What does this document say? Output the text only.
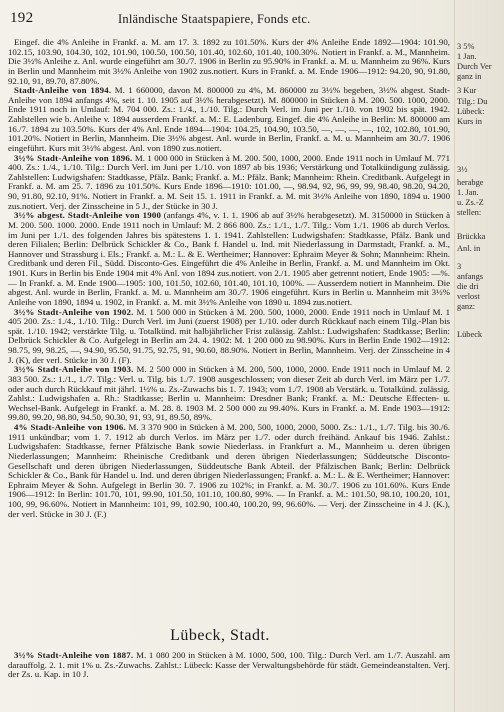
192	Inländische Staatspapiere, Fonds etc.

Eingef. die 4% Anleihe in Frankf. a. M. am 17. 3. 1892 zu 101.50%. Kurs der 4% Anleihe Ende 1892—1904: 101.90, 102.15, 103.90, 104.30, 102, 101.90, 100.50, 100.50, 101.40, 102.60, 101.40, 100.30%. Notiert in Frankf. a. M., Mannheim. Die 3½% Anleihe z. Anl. wurde eingeführt am 30./7. 1906 in Berlin zu 95.90% in Frankf. a. M. u. Mannheim zu 96%. Kurs in Berlin und Mannheim mit 3½% Anleihe von 1902 zus.notiert. Kurs in Frankf. a. M. Ende 1906—1912: 94.20, 90, 91.80, 92.10, 91, 89.70, 87.80%.

Stadt-Anleihe von 1894. M. 1 660000, davon M. 800000 zu 4%, M. 860000 zu 3½% begeben, 3½% abgest. Stadt-Anleihe von 1894 anfangs 4%, seit 1. 10. 1905 auf 3½% herabgesetzt). M. 800000 in Stücken à M. 200. 500. 1000, 2000. Ende 1911 noch in Umlauf: M. 704 000. Zs.: 1./4., 1./10. Tilg.: Durch Verl. im Juni per 1./10. von 1902 bis spät. 1942. Zahlstellen wie b. Anleihe v. 1894 ausserdem Frankf. a. M.: E. Ladenburg. Eingef. die 4% Anleihe in Berlin: M. 800000 am 16./7. 1894 zu 103.50%. Kurs der 4% Anl. Ende 1894—1904: 104.25, 104.90, 103.50, —, —, —, —, 102, 102.80, 101.90, 101.20%. Notiert in Berlin, Mannheim. Die 3½% abgest. Anl. wurde in Berlin, Frankf. a. M. u. Mannheim am 30./7. 1906 eingeführt. Kurs mit 3½% abgest. Anl. von 1890 zus.notiert.

3½% Stadt-Anleihe von 1896. M. 1 000 000 in Stücken à M. 200. 500, 1000, 2000. Ende 1911 noch in Umlauf M. 771 400. Zs.: 1./4., 1./10. Tilg.: Durch Verl. im Juni per 1./10. von 1897 ab bis 1936; Verstärkung und Totalkündigung zulässig. Zahlstellen: Ludwigshafen: Stadtkasse, Pfälz. Bank; Frankf. a. M.: Pfälz. Bank; Mannheim: Rhein. Creditbank. Aufgelegt in Frankf. a. M. am 25. 7. 1896 zu 101.50%. Kurs Ende 1896—1910: 101.00, —, 98.94, 92, 96, 99, 99, 98.40, 98.20, 94.20, 90, 91.80, 92.10, 91%. Notiert in Frankf. a. M. Seit 15. 1. 1911 in Frankf. a. M. mit 3½% Anleihe von 1890, 1894 u. 1900 zus.notiert. Verj. der Zinsscheine in 5 J., der Stücke in 30 J.

3½% abgest. Stadt-Anleihe von 1900 (anfangs 4%, v. 1. 1. 1906 ab auf 3½% herabgesetzt). M. 3150000 in Stücken à M. 200. 500. 1000. 2000. Ende 1911 noch in Umlauf: M. 2 866 800. Zs.: 1./1., 1./7. Tilg.: Vom 1./1. 1906 ab durch Verlos. im Juni per 1./1. des folgenden Jahres bis spätestens 1. 1. 1941. Zahlstellen: Ludwigshafen: Stadtkasse, Pfälz. Bank und deren Filialen; Berlin: Delbrück Schickler & Co., Bank f. Handel u. Ind. mit Niederlassung in Darmstadt, Frankf. a. M., Hannover und Strassburg i. Els.; Frankf. a. M.: L. & E. Wertheimer; Hannover: Ephraim Meyer & Sohn; Mannheim: Rhein. Creditbank und deren Fil., Südd. Disconto-Ges. Eingeführt die 4% Anleihe in Berlin, Frankf. a. M. und Mannheim im Okt. 1901. Kurs in Berlin bis Ende 1904 mit 4% Anl. von 1894 zus.notiert. von 2./1. 1905 aber getrennt notiert, Ende 1905: —%. — In Frankf. a. M. Ende 1900—1905: 100, 101.50, 102.60, 101.40, 101.10, 100%. — Ausserdem notiert in Mannheim. Die abgest. Anl. wurde in Berlin, Frankf. a. M. u. Mannheim am 30./7. 1906 eingeführt. Kurs in Berlin u. Mannheim mit 3½% Anleihe von 1890, 1894 u. 1902, in Frankf. a. M. mit 3½% Anleihe von 1890 u. 1894 zus.notiert.

3½% Stadt-Anleihe von 1902. M. 1 500 000 in Stücken à M. 200. 500, 1000, 2000. Ende 1911 noch in Umlauf M. 1 405 200. Zs.: 1./4., 1./10. Tilg.: Durch Verl. im Juni (zuerst 1908) per 1./10. oder durch Rückkauf nach einem Tilg.-Plan bis spät. 1./10. 1942; verstärkte Tilg. u. Totalkünd. mit halbjährlicher Frist zulässig. Zahlst.: Ludwigshafen: Stadtkasse; Berlin: Delbrück Schickler & Co. Aufgelegt in Berlin am 24. 4. 1902: M. 1 200 000 zu 98.90%. Kurs in Berlin Ende 1902—1912: 98.75, 99, 98.25, —, 94.90, 95.50, 91.75, 92.75, 91, 90.60, 88.90%. Notiert in Berlin, Mannheim. Verj. der Zinsscheine in 4 J. (K), der verl. Stücke in 30 J. (F).

3½% Stadt-Anleihe von 1903. M. 2 500 000 in Stücken à M. 200, 500, 1000, 2000. Ende 1911 noch in Umlauf M. 2 383 500. Zs.: 1./1., 1./7. Tilg.: Verl. u. Tilg. bis 1./7. 1908 ausgeschlossen; von dieser Zeit ab durch Verl. im März per 1./7. oder auch durch Rückkauf mit jährl. 1½% u. Zs.-Zuwachs bis 1. 7. 1943; vom 1./7. 1908 ab Verstärk. u. Totalkünd. zulässig. Zahlst.: Ludwigshafen a. Rh.: Stadtkasse; Berlin u. Mannheim: Dresdner Bank; Frankf. a. M.: Deutsche Effecten- u. Wechsel-Bank. Aufgelegt in Frankf. a. M. 28. 8. 1903 M. 2 500 000 zu 99.40%. Kurs in Frankf. a. M. Ende 1903—1912: 99.80, 99.20, 98.80, 94.50, 90.30, 91, 93, 91, 89.50, 89%.

4% Stadt-Anleihe von 1906. M. 3 370 900 in Stücken à M. 200, 500, 1000, 2000, 5000. Zs.: 1./1., 1./7. Tilg. bis 30./6. 1911 unkündbar; vom 1. 7. 1912 ab durch Verlos. im März per 1./7. oder durch freihänd. Ankauf bis 1946. Zahlst.: Ludwigshafen: Stadtkasse, ferner Pfälzische Bank sowie Niederlass. in Frankfurt a. M., Mannheim u. deren übrigen Niederlassungen; Mannheim: Rheinische Creditbank und deren übrigen Niederlassungen; Süddeutsche Disconto-Gesellschaft und deren übrigen Niederlassungen, Süddeutsche Bank Abteil. der Pfälzischen Bank; Berlin: Delbrück Schickler & Co., Bank für Handel u. Ind. und deren übrigen Niederlassungen; Frankf. a. M.: L. & E. Wertheimer; Hannover: Ephraim Meyer & Sohn. Aufgelegt in Berlin 30. 7. 1906 zu 102%; in Frankf. a. M. 30./7. 1906 zu 101.60%. Kurs Ende 1906—1912: In Berlin: 101.70, 101, 99.90, 101.50, 101.10, 100.80, 99%. — In Frankf. a. M.: 101.50, 98.10, 100.20, 101, 100, 99, 96.60%. Notiert in Mannheim: 101, 99, 102.90, 100.40, 100.20, 99, 96.60%. — Verj. der Zinsscheine in 4 J. (K.), der verl. Stücke in 30 J. (F.)

Lübeck, Stadt.

3½% Stadt-Anleihe von 1887. M. 1 080 200 in Stücken à M. 1000, 500, 100. Tilg.: Durch Verl. am 1./7. Auszahl. am darauffolg. 2. 1. mit 1% u. Zs.-Zuwachs. Zahlst.: Lübeck: Kasse der Verwaltungsbehörde für städt. Gemeindeanstalten. Verj. der Zs. u. Kap. in 10 J.

3 5%
1 Jan.
Durch Ver
ganz in
3 Kur
Tilg.: Du
Lübeck:
Kurs in
3½
herabge
1. Jan.
u. Zs.-Z
stellen:
Brückka
Anl. in
3
anfangs
die dri
verlost
ganz:
Lübeck
